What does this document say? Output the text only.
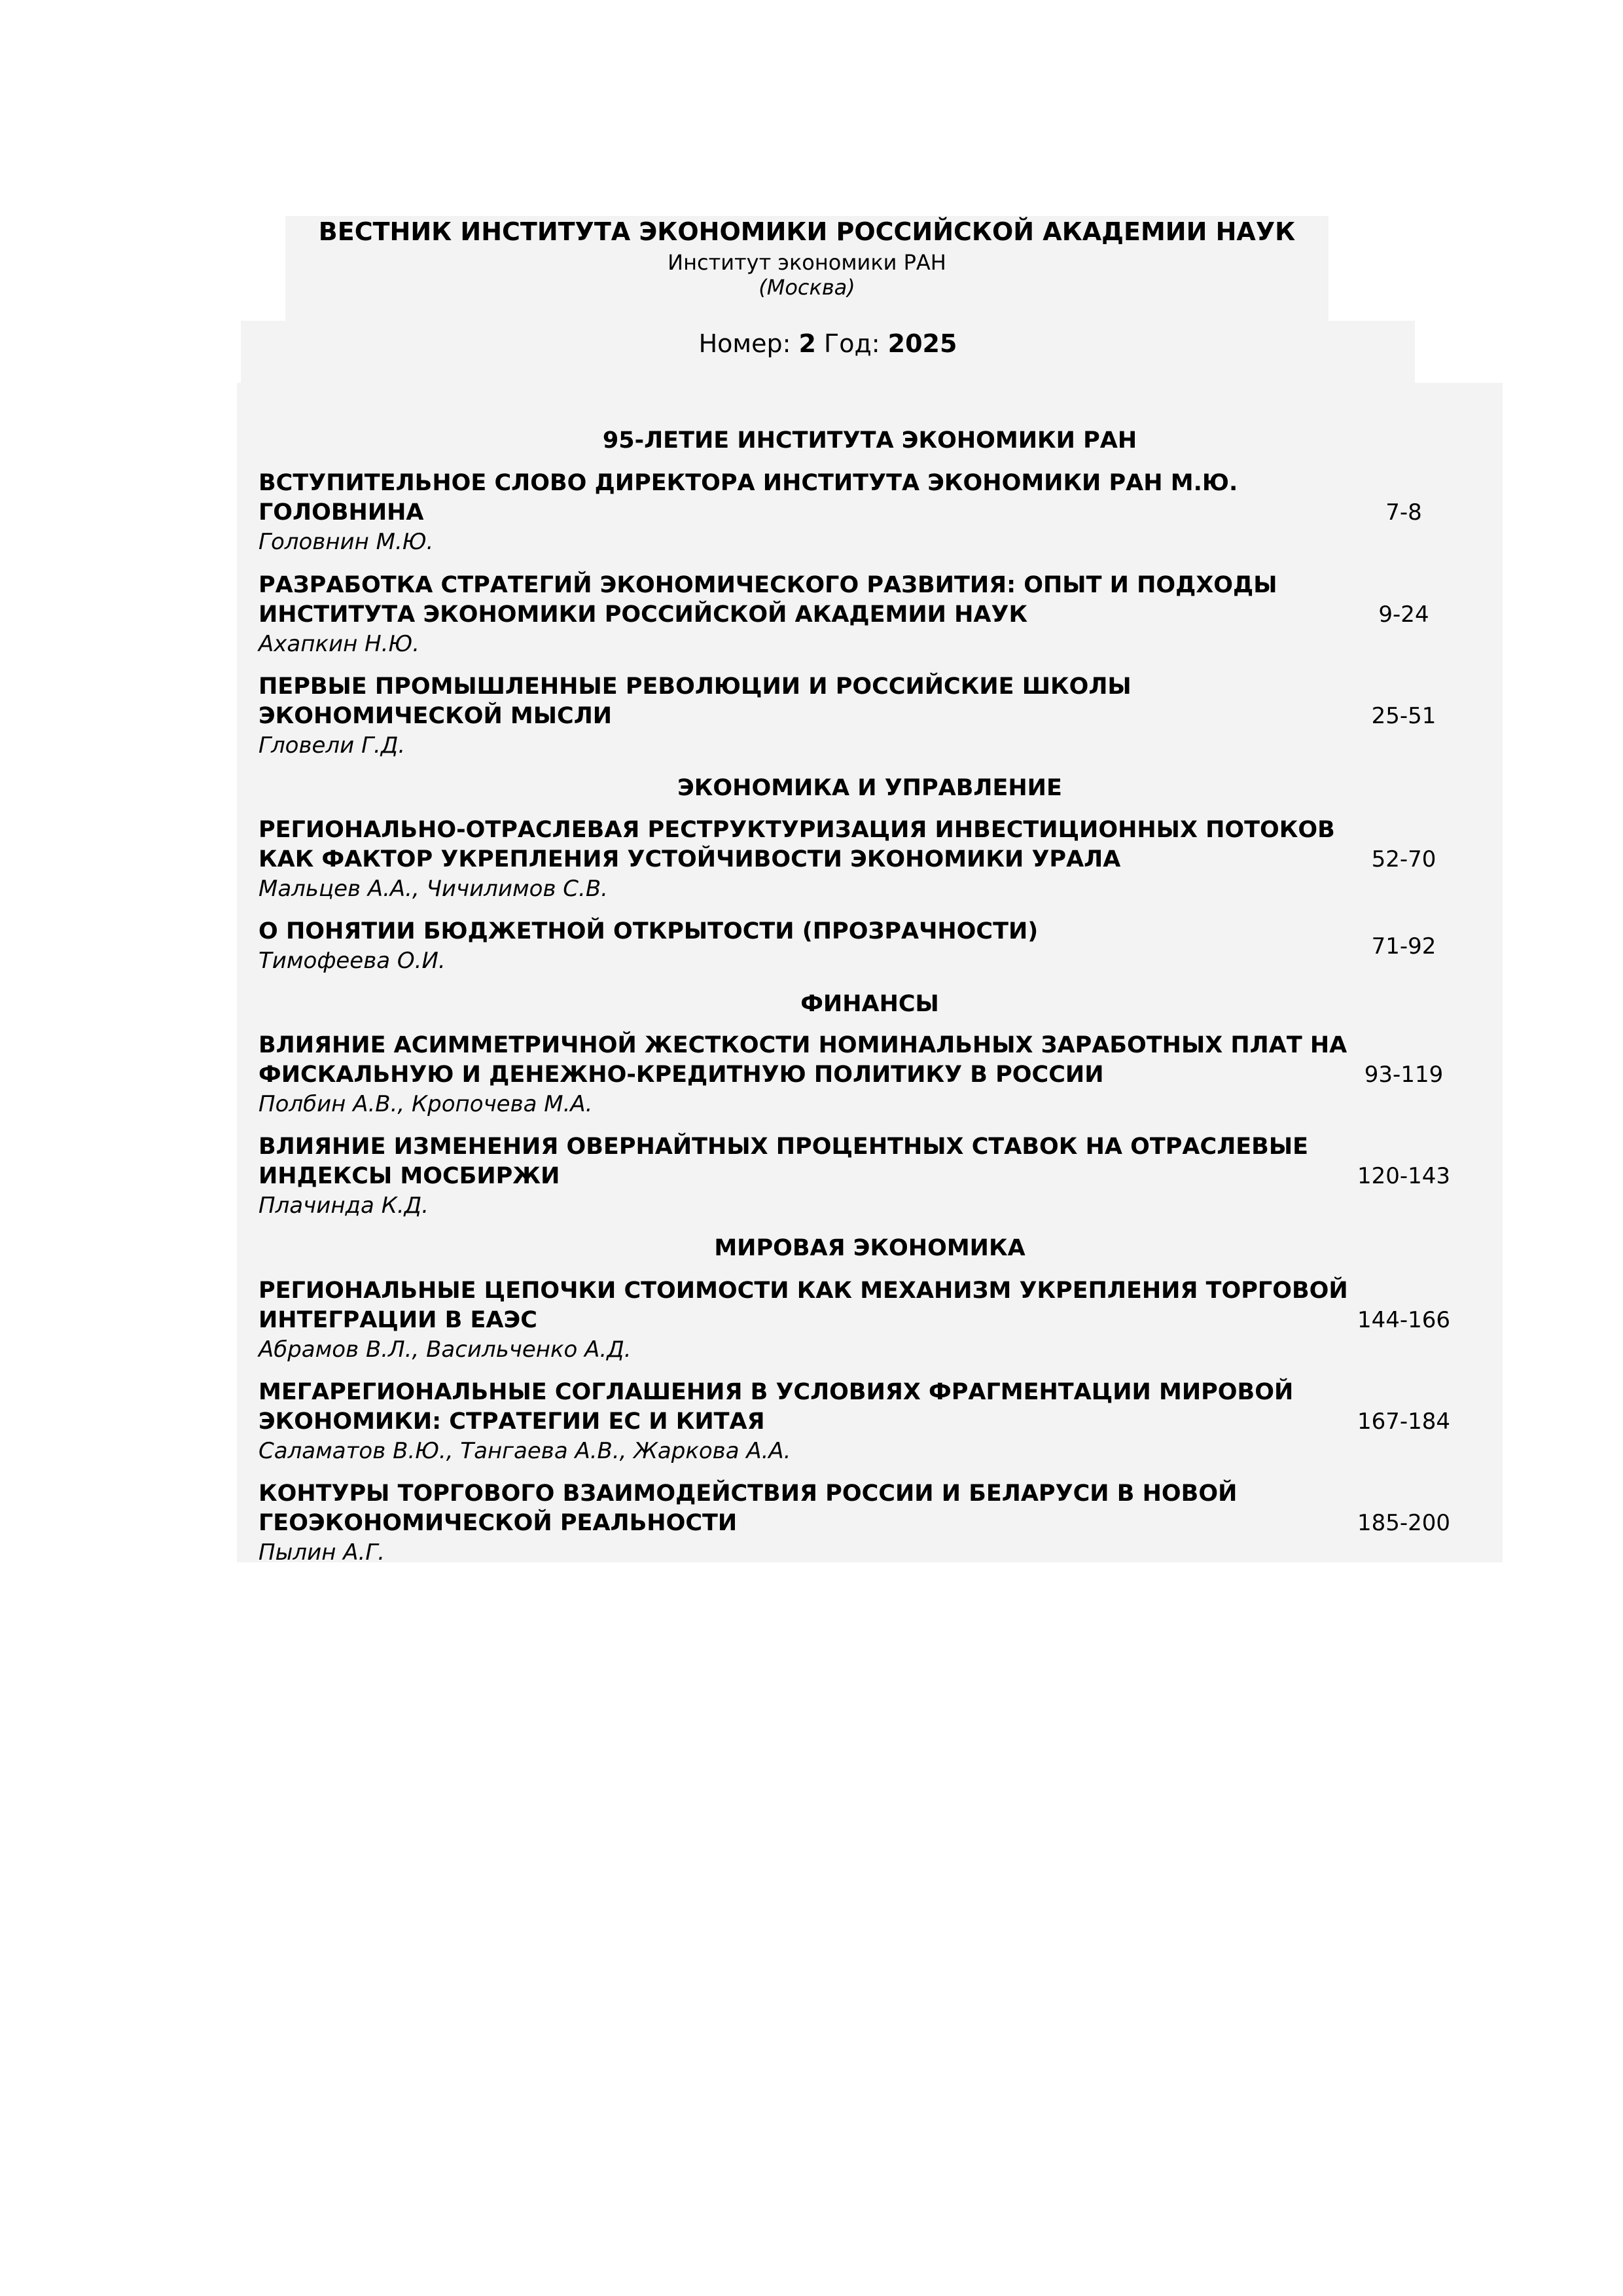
ВЕСТНИК ИНСТИТУТА ЭКОНОМИКИ РОССИЙСКОЙ АКАДЕМИИ НАУК
Институт экономики РАН
(Москва)
Номер: 2 Год: 2025
95-ЛЕТИЕ ИНСТИТУТА ЭКОНОМИКИ РАН
ВСТУПИТЕЛЬНОЕ СЛОВО ДИРЕКТОРА ИНСТИТУТА ЭКОНОМИКИ РАН М.Ю.
ГОЛОВНИНА
Головнин М.Ю.
7-8
РАЗРАБОТКА СТРАТЕГИЙ ЭКОНОМИЧЕСКОГО РАЗВИТИЯ: ОПЫТ И ПОДХОДЫ
ИНСТИТУТА ЭКОНОМИКИ РОССИЙСКОЙ АКАДЕМИИ НАУК
Ахапкин Н.Ю.
9-24
ПЕРВЫЕ ПРОМЫШЛЕННЫЕ РЕВОЛЮЦИИ И РОССИЙСКИЕ ШКОЛЫ
ЭКОНОМИЧЕСКОЙ МЫСЛИ
Гловели Г.Д.
25-51
ЭКОНОМИКА И УПРАВЛЕНИЕ
РЕГИОНАЛЬНО-ОТРАСЛЕВАЯ РЕСТРУКТУРИЗАЦИЯ ИНВЕСТИЦИОННЫХ ПОТОКОВ
КАК ФАКТОР УКРЕПЛЕНИЯ УСТОЙЧИВОСТИ ЭКОНОМИКИ УРАЛА
Мальцев А.А., Чичилимов С.В.
52-70
О ПОНЯТИИ БЮДЖЕТНОЙ ОТКРЫТОСТИ (ПРОЗРАЧНОСТИ)
Тимофеева О.И.
71-92
ФИНАНСЫ
ВЛИЯНИЕ АСИММЕТРИЧНОЙ ЖЕСТКОСТИ НОМИНАЛЬНЫХ ЗАРАБОТНЫХ ПЛАТ НА
ФИСКАЛЬНУЮ И ДЕНЕЖНО-КРЕДИТНУЮ ПОЛИТИКУ В РОССИИ
Полбин А.В., Кропочева М.А.
93-119
ВЛИЯНИЕ ИЗМЕНЕНИЯ ОВЕРНАЙТНЫХ ПРОЦЕНТНЫХ СТАВОК НА ОТРАСЛЕВЫЕ
ИНДЕКСЫ МОСБИРЖИ
Плачинда К.Д.
120-143
МИРОВАЯ ЭКОНОМИКА
РЕГИОНАЛЬНЫЕ ЦЕПОЧКИ СТОИМОСТИ КАК МЕХАНИЗМ УКРЕПЛЕНИЯ ТОРГОВОЙ
ИНТЕГРАЦИИ В ЕАЭС
Абрамов В.Л., Васильченко А.Д.
144-166
МЕГАРЕГИОНАЛЬНЫЕ СОГЛАШЕНИЯ В УСЛОВИЯХ ФРАГМЕНТАЦИИ МИРОВОЙ
ЭКОНОМИКИ: СТРАТЕГИИ ЕС И КИТАЯ
Саламатов В.Ю., Тангаева А.В., Жаркова А.А.
167-184
КОНТУРЫ ТОРГОВОГО ВЗАИМОДЕЙСТВИЯ РОССИИ И БЕЛАРУСИ В НОВОЙ
ГЕОЭКОНОМИЧЕСКОЙ РЕАЛЬНОСТИ
Пылин А.Г.
185-200
